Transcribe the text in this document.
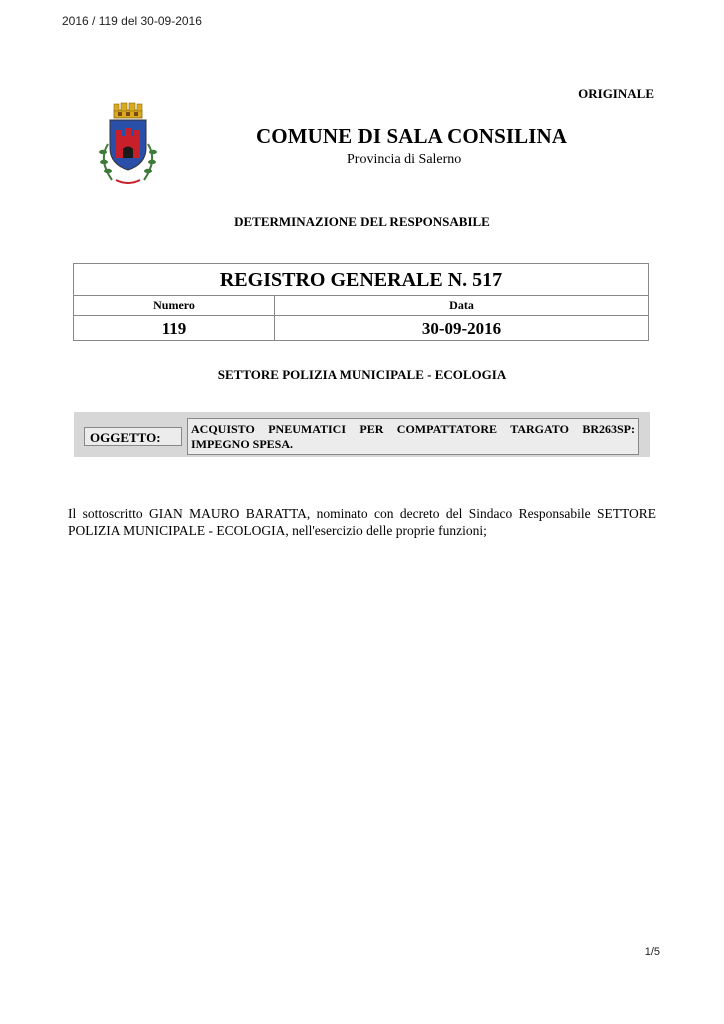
2016 / 119 del 30-09-2016
ORIGINALE
COMUNE DI SALA CONSILINA
Provincia di Salerno
DETERMINAZIONE DEL RESPONSABILE
REGISTRO GENERALE N. 517
Numero	Data
119	30-09-2016
SETTORE POLIZIA MUNICIPALE - ECOLOGIA
OGGETTO:
ACQUISTO PNEUMATICI PER COMPATTATORE TARGATO BR263SP: IMPEGNO SPESA.
Il sottoscritto GIAN MAURO BARATTA, nominato con decreto del Sindaco Responsabile SETTORE POLIZIA MUNICIPALE - ECOLOGIA, nell'esercizio delle proprie funzioni;
1/5
